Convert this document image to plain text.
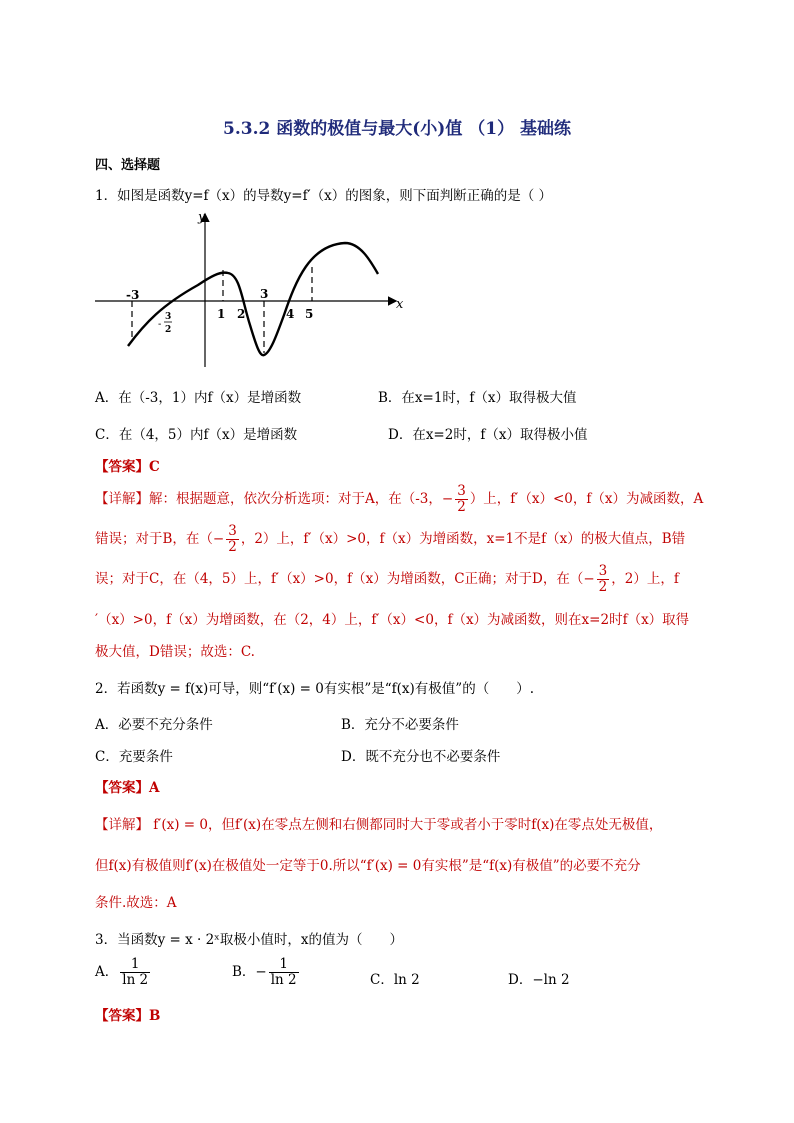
5.3.2 函数的极值与最大(小)值 （1） 基础练
四、选择题
1．如图是函数y=f（x）的导数y=f′（x）的图象，则下面判断正确的是（ ）
y
x
-3
-
3
2
1 2
3
4 5
A．在（-3，1）内f（x）是增函数	B．在x=1时，f（x）取得极大值
C．在（4，5）内f（x）是增函数	D．在x=2时，f（x）取得极小值
【答案】C
【详解】解：根据题意，依次分析选项：对于A，在（-3，− $\frac{3}{2}$ ）上，f′（x）<0，f（x）为减函数，A
错误；对于B，在（− $\frac{3}{2}$ ，2）上，f′（x）>0，f（x）为增函数，x=1不是f（x）的极大值点，B错
误；对于C，在（4，5）上，f′（x）>0，f（x）为增函数，C正确；对于D，在（− $\frac{3}{2}$ ，2）上，f
′（x）>0，f（x）为增函数，在（2，4）上，f′（x）<0，f（x）为减函数，则在x=2时f（x）取得
极大值，D错误；故选：C.
2．若函数y = f(x)可导，则“f′(x) = 0有实根”是“f(x)有极值”的（　　）.
A．必要不充分条件	B．充分不必要条件
C．充要条件	D．既不充分也不必要条件
【答案】A
【详解】 f′(x) = 0，但f′(x)在零点左侧和右侧都同时大于零或者小于零时f(x)在零点处无极值，
但f(x)有极值则f′(x)在极值处一定等于0.所以“f′(x) = 0有实根”是“f(x)有极值”的必要不充分
条件.故选：A
3．当函数y = x · 2ˣ取极小值时，x的值为（　　）
A． $\frac{1}{\ln 2}$	B．− $\frac{1}{\ln 2}$	C．ln 2	D．−ln 2
【答案】B
